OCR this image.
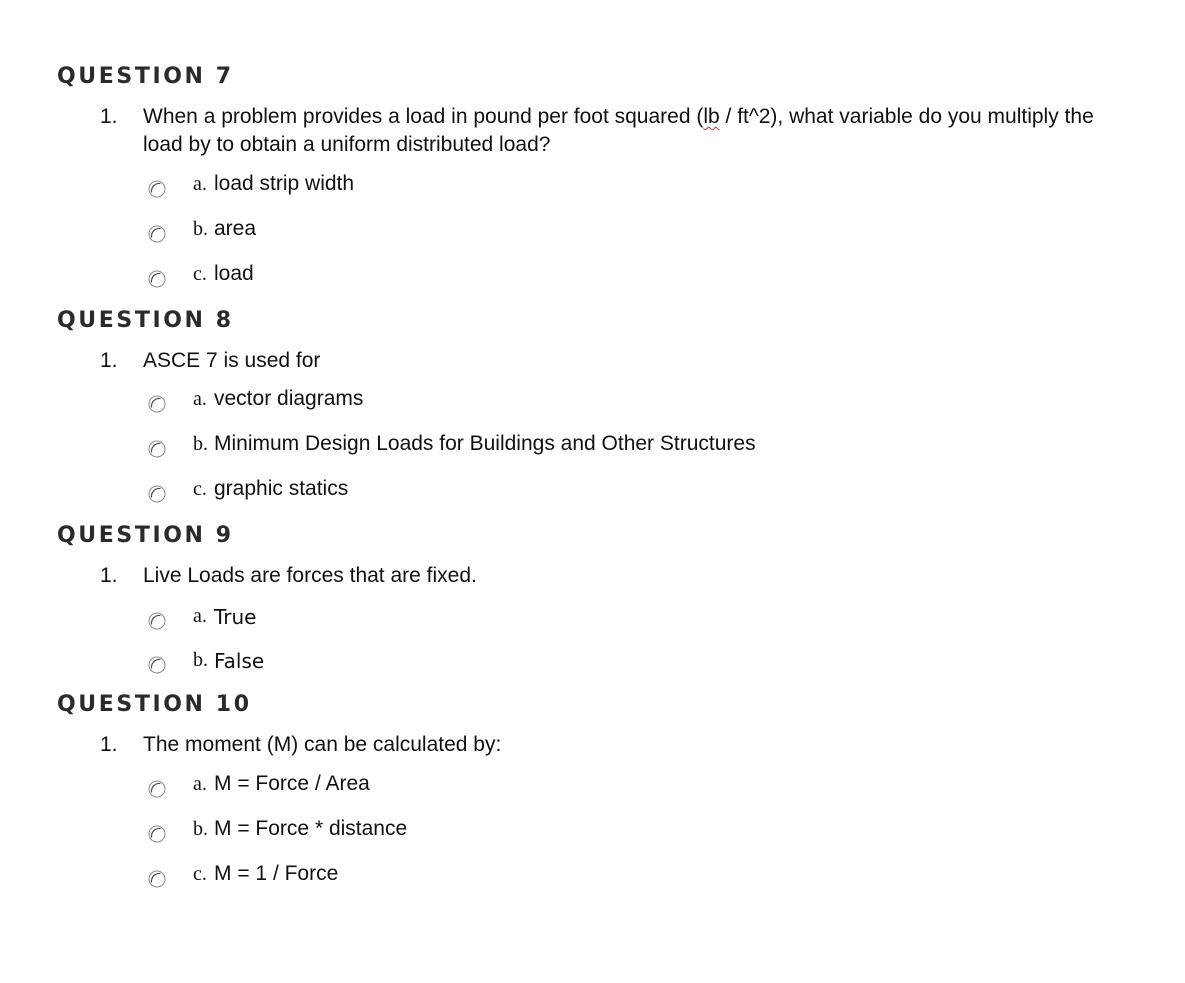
QUESTION 7
1. When a problem provides a load in pound per foot squared (lb / ft^2), what variable do you multiply the load by to obtain a uniform distributed load?
a. load strip width
b. area
c. load
QUESTION 8
1. ASCE 7 is used for
a. vector diagrams
b. Minimum Design Loads for Buildings and Other Structures
c. graphic statics
QUESTION 9
1. Live Loads are forces that are fixed.
a. True
b. False
QUESTION 10
1. The moment (M) can be calculated by:
a. M = Force / Area
b. M = Force * distance
c. M = 1 / Force
